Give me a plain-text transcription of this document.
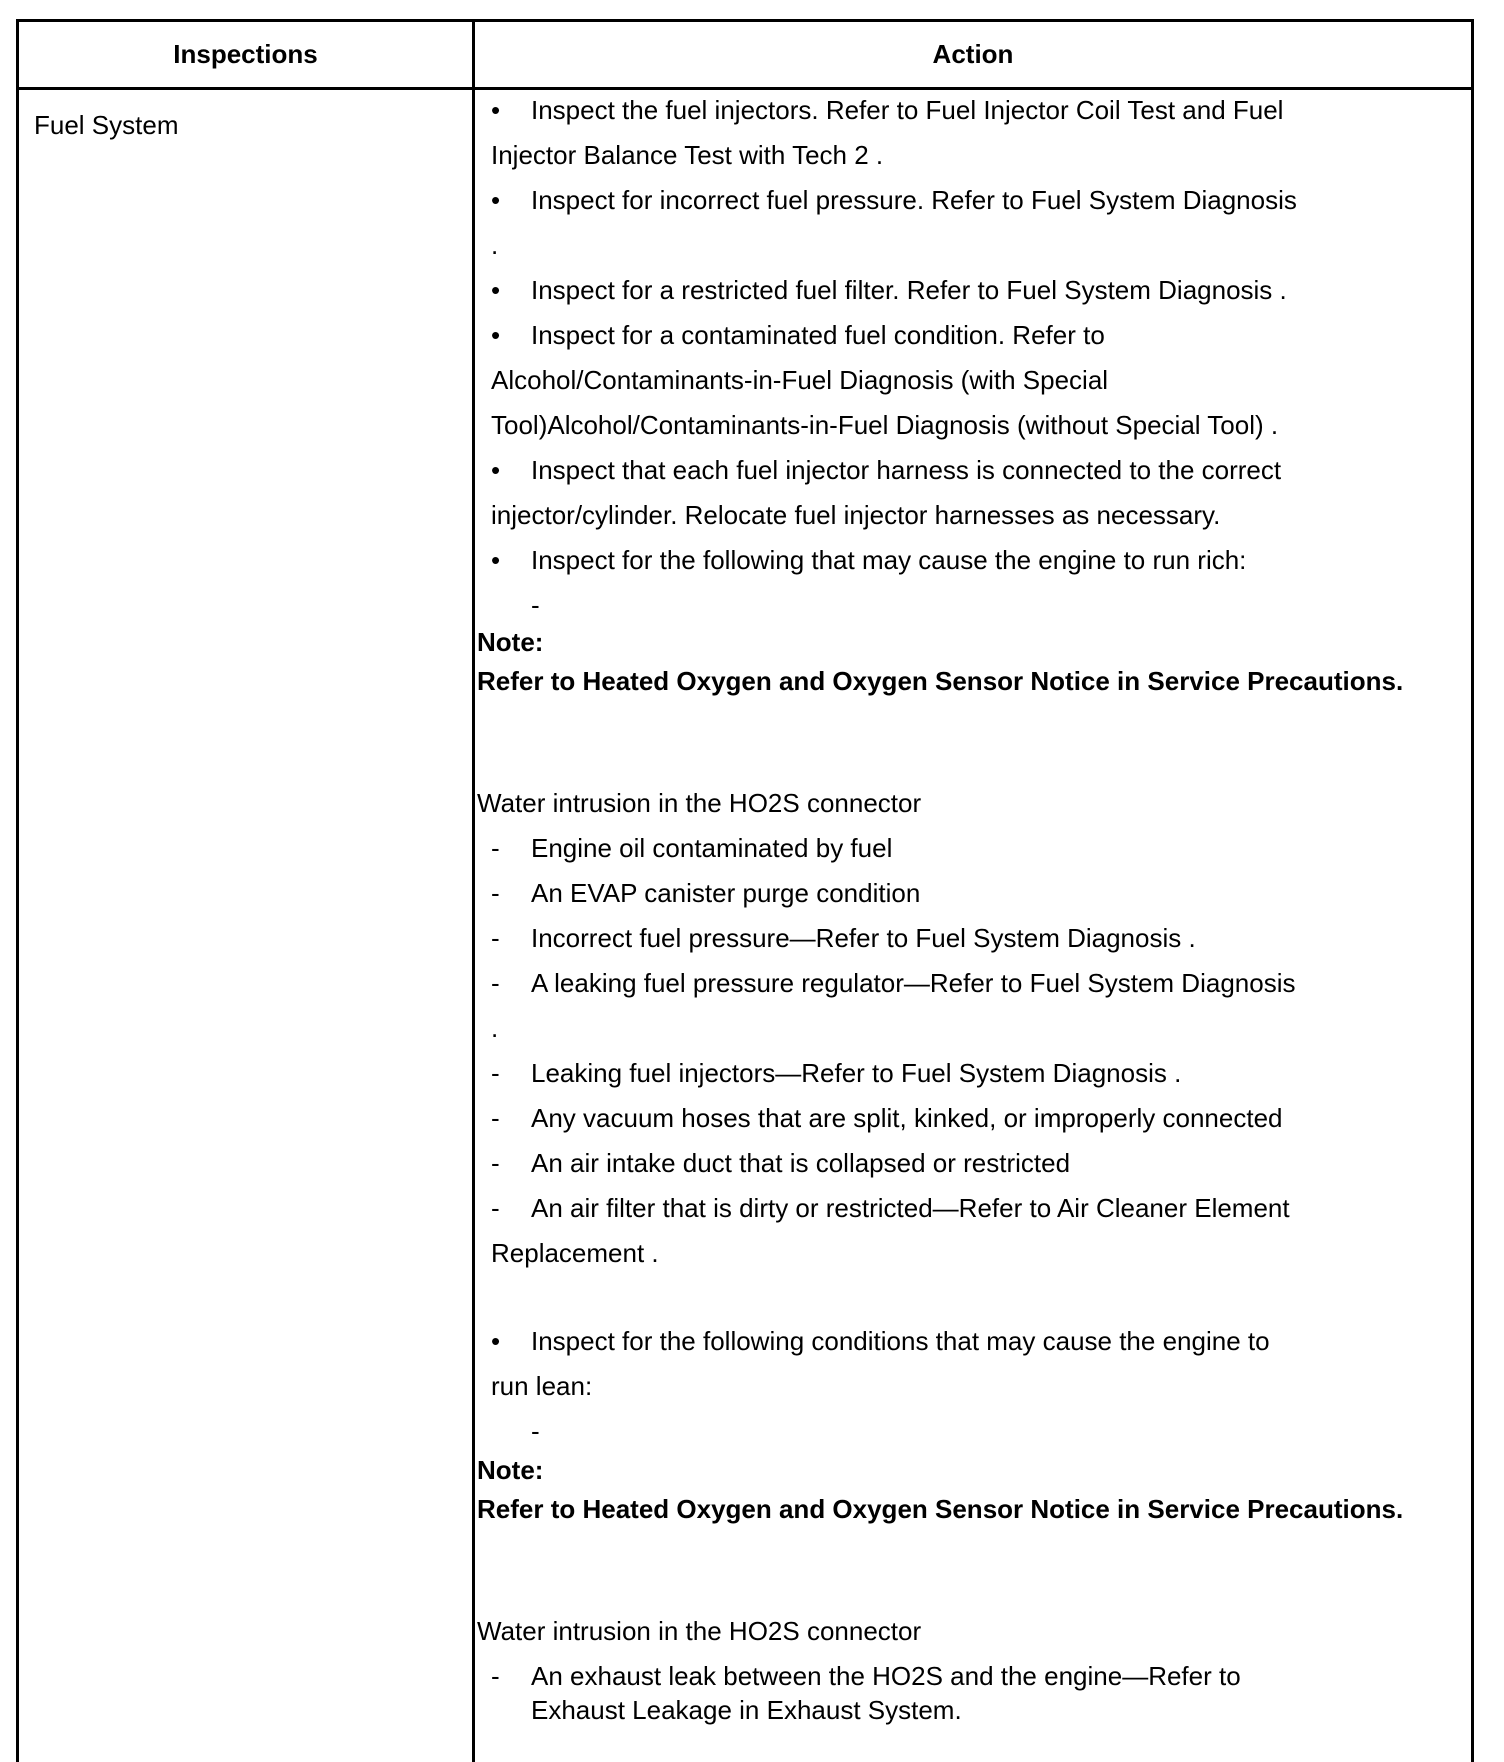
Inspections	Action
Fuel System	• Inspect the fuel injectors. Refer to Fuel Injector Coil Test and Fuel
Injector Balance Test with Tech 2 .
• Inspect for incorrect fuel pressure. Refer to Fuel System Diagnosis
.
• Inspect for a restricted fuel filter. Refer to Fuel System Diagnosis .
• Inspect for a contaminated fuel condition. Refer to
Alcohol/Contaminants-in-Fuel Diagnosis (with Special
Tool)Alcohol/Contaminants-in-Fuel Diagnosis (without Special Tool) .
• Inspect that each fuel injector harness is connected to the correct
injector/cylinder. Relocate fuel injector harnesses as necessary.
• Inspect for the following that may cause the engine to run rich:
-
Note:
Refer to Heated Oxygen and Oxygen Sensor Notice in Service Precautions.
Water intrusion in the HO2S connector
- Engine oil contaminated by fuel
- An EVAP canister purge condition
- Incorrect fuel pressure—Refer to Fuel System Diagnosis .
- A leaking fuel pressure regulator—Refer to Fuel System Diagnosis
.
- Leaking fuel injectors—Refer to Fuel System Diagnosis .
- Any vacuum hoses that are split, kinked, or improperly connected
- An air intake duct that is collapsed or restricted
- An air filter that is dirty or restricted—Refer to Air Cleaner Element
Replacement .
• Inspect for the following conditions that may cause the engine to
run lean:
-
Note:
Refer to Heated Oxygen and Oxygen Sensor Notice in Service Precautions.
Water intrusion in the HO2S connector
- An exhaust leak between the HO2S and the engine—Refer to
Exhaust Leakage in Exhaust System.
